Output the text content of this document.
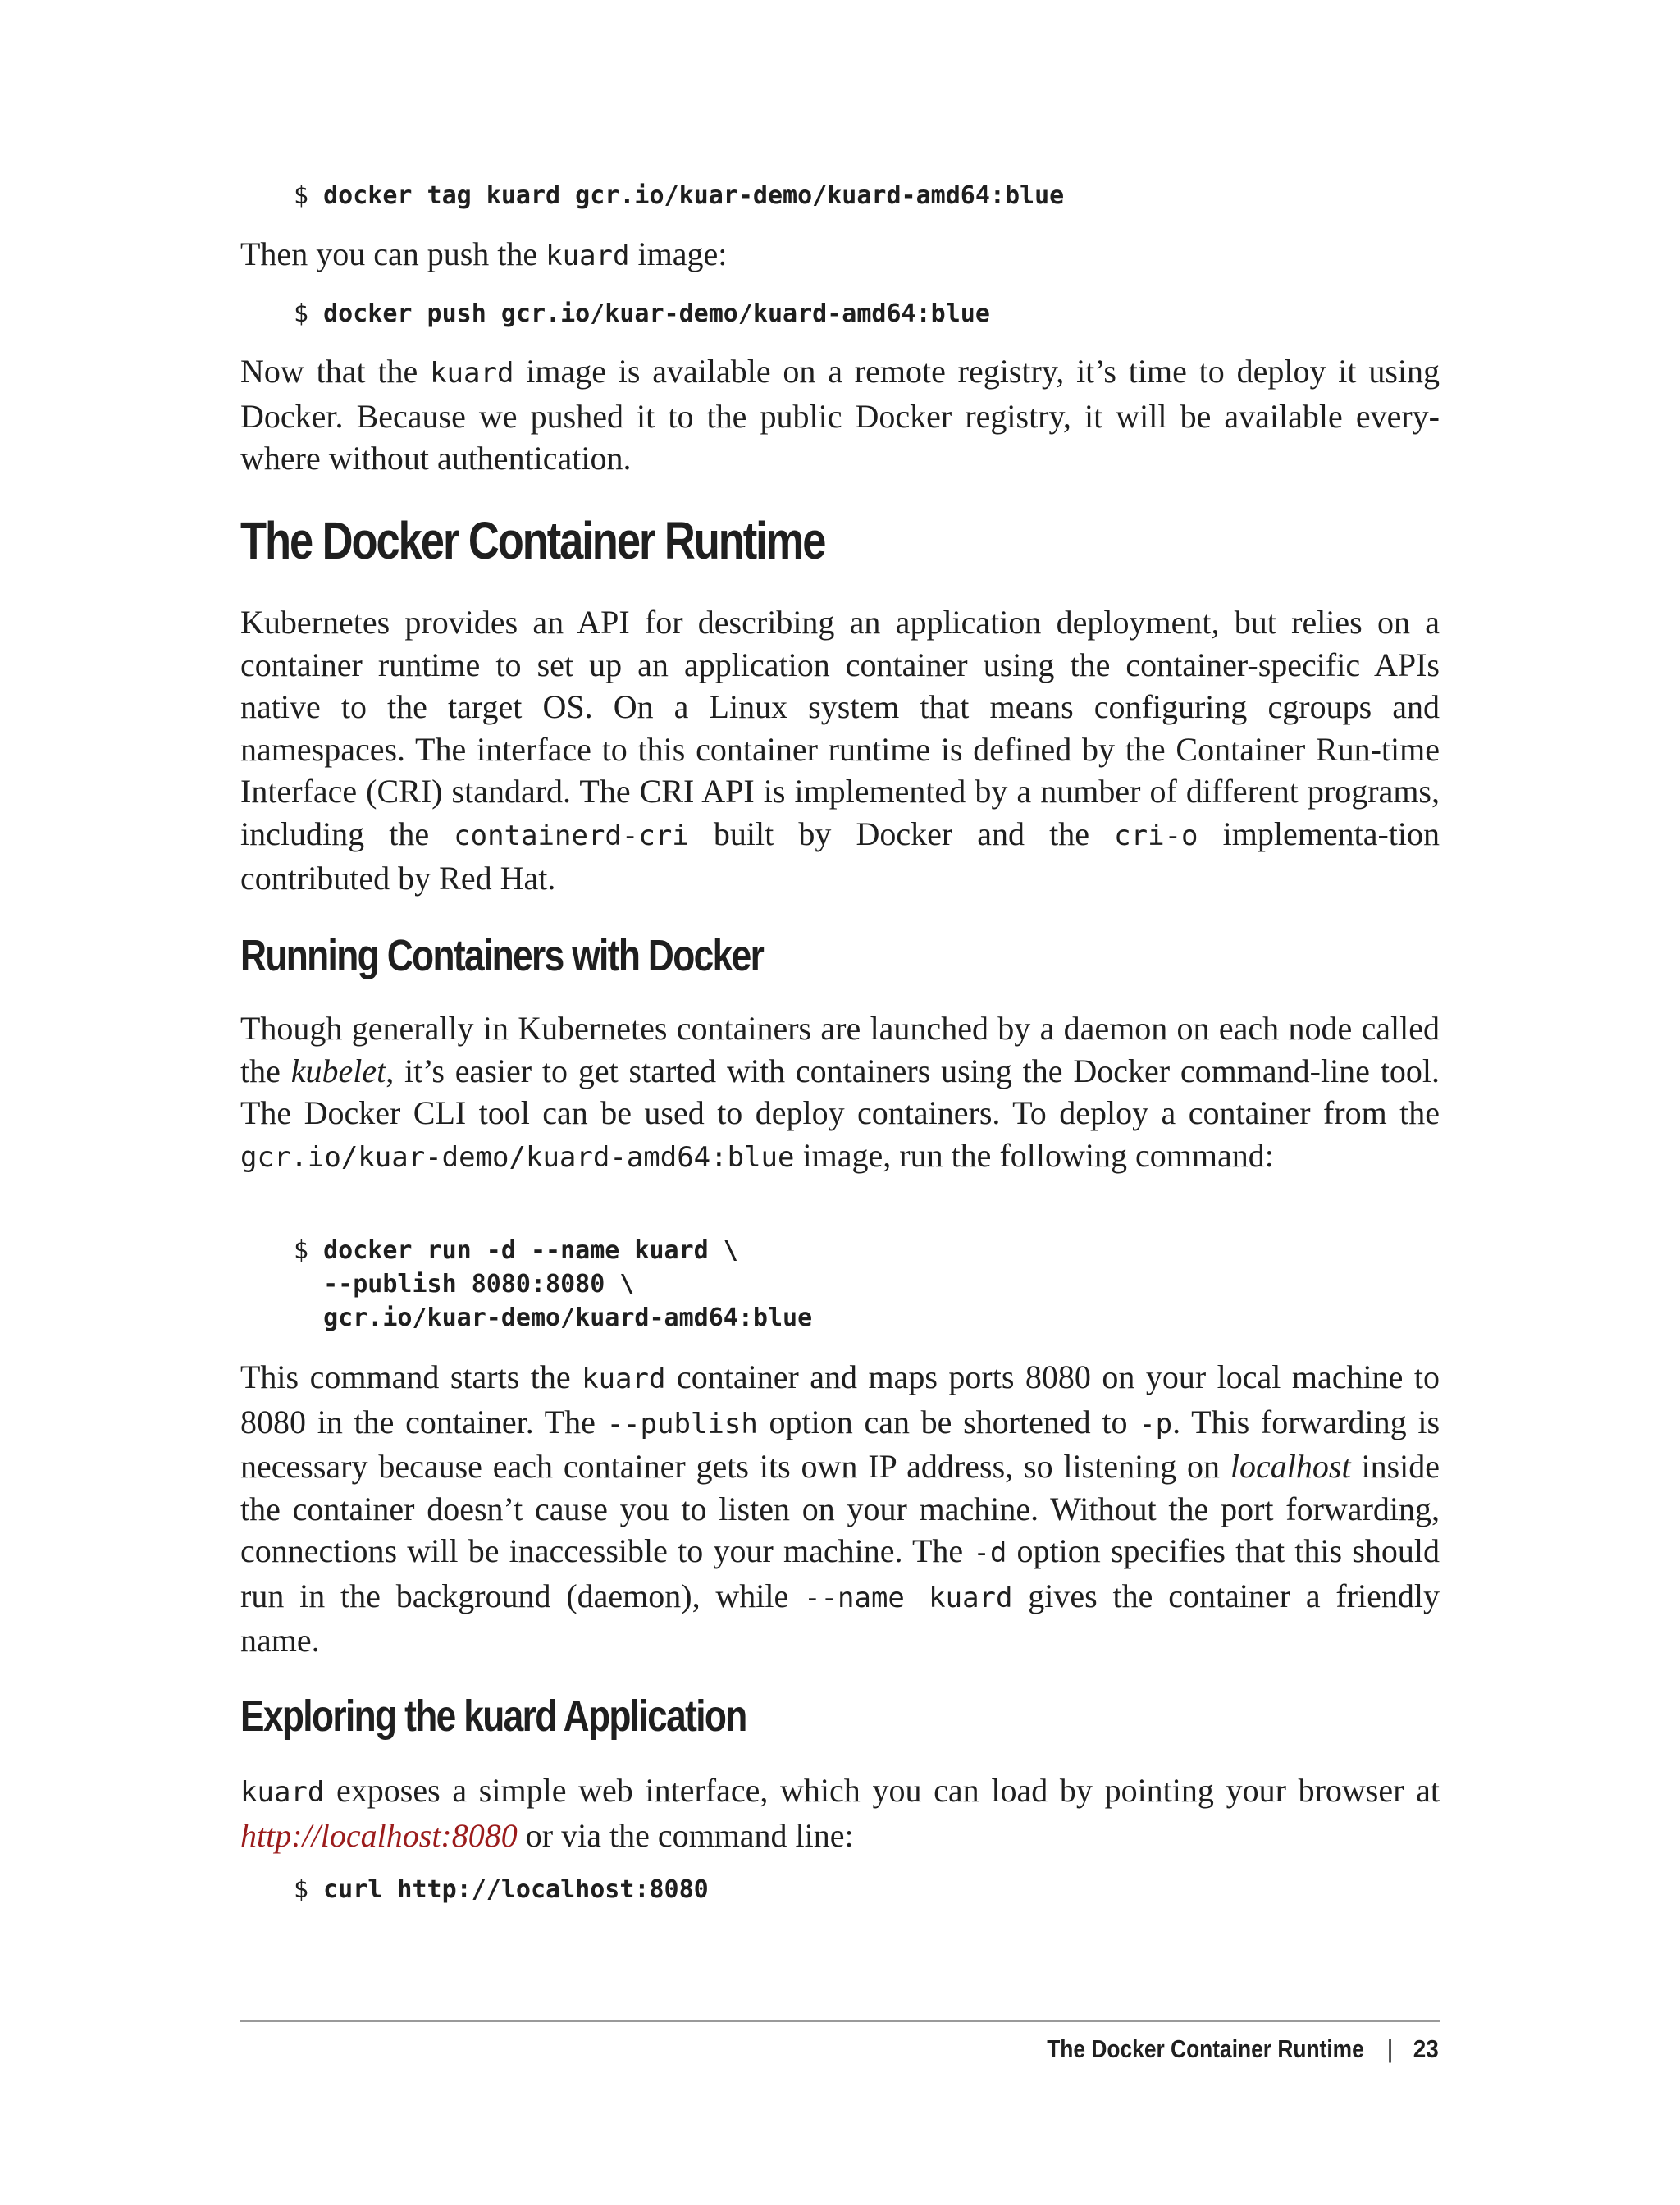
$ docker tag kuard gcr.io/kuar-demo/kuard-amd64:blue
Then you can push the kuard image:
$ docker push gcr.io/kuar-demo/kuard-amd64:blue
Now that the kuard image is available on a remote registry, it’s time to deploy it using Docker. Because we pushed it to the public Docker registry, it will be available every-where without authentication.
The Docker Container Runtime
Kubernetes provides an API for describing an application deployment, but relies on a container runtime to set up an application container using the container-specific APIs native to the target OS. On a Linux system that means configuring cgroups and namespaces. The interface to this container runtime is defined by the Container Run-time Interface (CRI) standard. The CRI API is implemented by a number of different programs, including the containerd-cri built by Docker and the cri-o implementa-tion contributed by Red Hat.
Running Containers with Docker
Though generally in Kubernetes containers are launched by a daemon on each node called the kubelet, it’s easier to get started with containers using the Docker command-line tool. The Docker CLI tool can be used to deploy containers. To deploy a container from the gcr.io/kuar-demo/kuard-amd64:blue image, run the following command:
$ docker run -d --name kuard \
--publish 8080:8080 \
gcr.io/kuar-demo/kuard-amd64:blue
This command starts the kuard container and maps ports 8080 on your local machine to 8080 in the container. The --publish option can be shortened to -p. This forwarding is necessary because each container gets its own IP address, so listening on localhost inside the container doesn’t cause you to listen on your machine. Without the port forwarding, connections will be inaccessible to your machine. The -d option specifies that this should run in the background (daemon), while --name kuard gives the container a friendly name.
Exploring the kuard Application
kuard exposes a simple web interface, which you can load by pointing your browser at http://localhost:8080 or via the command line:
$ curl http://localhost:8080
The Docker Container Runtime | 23
